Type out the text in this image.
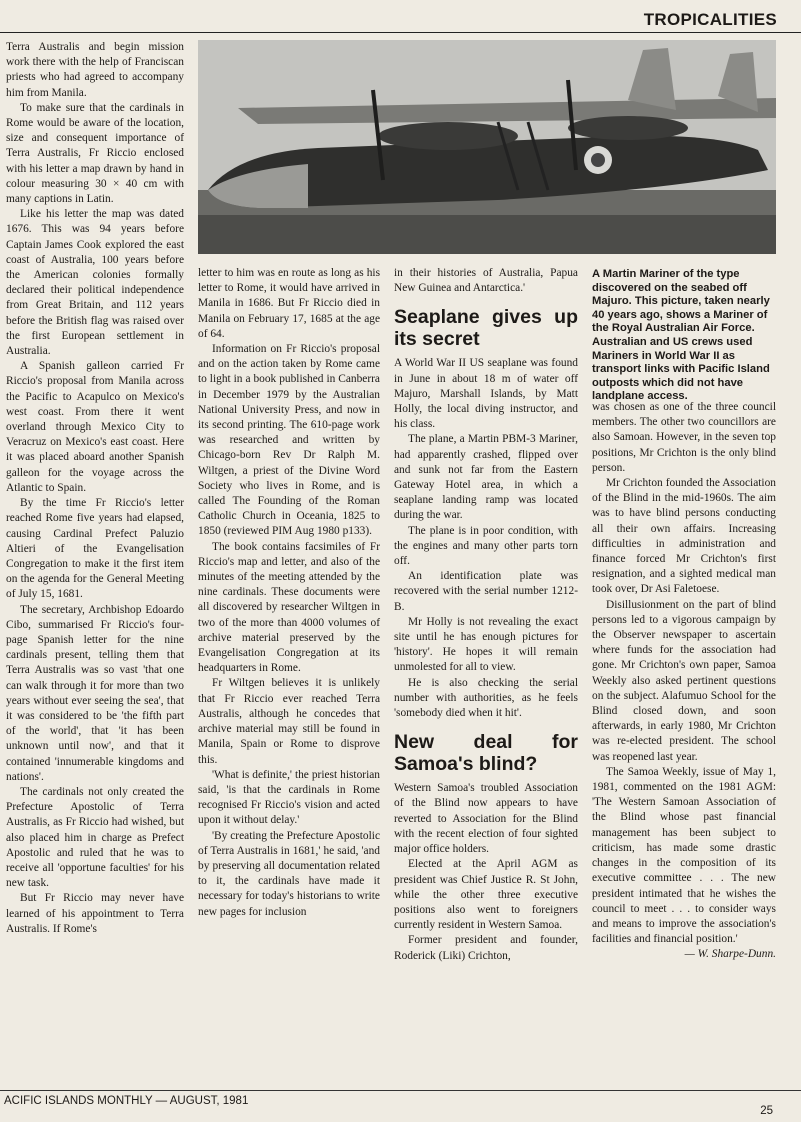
TROPICALITIES

Terra Australis and begin mission work there with the help of Franciscan priests who had agreed to accompany him from Manila.

To make sure that the cardinals in Rome would be aware of the location, size and consequent importance of Terra Australis, Fr Riccio enclosed with his letter a map drawn by hand in colour measuring 30 × 40 cm with many captions in Latin.

Like his letter the map was dated 1676. This was 94 years before Captain James Cook explored the east coast of Australia, 100 years before the American colonies formally declared their political independence from Great Britain, and 112 years before the British flag was raised over the first European settlement in Australia.

A Spanish galleon carried Fr Riccio's proposal from Manila across the Pacific to Acapulco on Mexico's west coast. From there it went overland through Mexico City to Veracruz on Mexico's east coast. Here it was placed aboard another Spanish galleon for the voyage across the Atlantic to Spain.

By the time Fr Riccio's letter reached Rome five years had elapsed, causing Cardinal Prefect Paluzio Altieri of the Evangelisation Congregation to make it the first item on the agenda for the General Meeting of July 15, 1681.

The secretary, Archbishop Edoardo Cibo, summarised Fr Riccio's four-page Spanish letter for the nine cardinals present, telling them that Terra Australis was so vast 'that one can walk through it for more than two years without ever seeing the sea', that it was considered to be 'the fifth part of the world', that 'it has been unknown until now', and that it contained 'innumerable kingdoms and nations'.

The cardinals not only created the Prefecture Apostolic of Terra Australis, as Fr Riccio had wished, but also placed him in charge as Prefect Apostolic and ruled that he was to receive all 'opportune faculties' for his new task.

But Fr Riccio may never have learned of his appointment to Terra Australis. If Rome's

letter to him was en route as long as his letter to Rome, it would have arrived in Manila in 1686. But Fr Riccio died in Manila on February 17, 1685 at the age of 64.

Information on Fr Riccio's proposal and on the action taken by Rome came to light in a book published in Canberra in December 1979 by the Australian National University Press, and now in its second printing. The 610-page work was researched and written by Chicago-born Rev Dr Ralph M. Wiltgen, a priest of the Divine Word Society who lives in Rome, and is called The Founding of the Roman Catholic Church in Oceania, 1825 to 1850 (reviewed PIM Aug 1980 p133).

The book contains facsimiles of Fr Riccio's map and letter, and also of the minutes of the meeting attended by the nine cardinals. These documents were all discovered by researcher Wiltgen in two of the more than 4000 volumes of archive material preserved by the Evangelisation Congregation at its headquarters in Rome.

Fr Wiltgen believes it is unlikely that Fr Riccio ever reached Terra Australis, although he concedes that archive material may still be found in Manila, Spain or Rome to disprove this.

'What is definite,' the priest historian said, 'is that the cardinals in Rome recognised Fr Riccio's vision and acted upon it without delay.'

'By creating the Prefecture Apostolic of Terra Australis in 1681,' he said, 'and by preserving all documentation related to it, the cardinals have made it necessary for today's historians to write new pages for inclusion

in their histories of Australia, Papua New Guinea and Antarctica.'

Seaplane gives up its secret

A World War II US seaplane was found in June in about 18 m of water off Majuro, Marshall Islands, by Matt Holly, the local diving instructor, and his class.

The plane, a Martin PBM-3 Mariner, had apparently crashed, flipped over and sunk not far from the Eastern Gateway Hotel area, in which a seaplane landing ramp was located during the war.

The plane is in poor condition, with the engines and many other parts torn off.

An identification plate was recovered with the serial number 1212-B.

Mr Holly is not revealing the exact site until he has enough pictures for 'history'. He hopes it will remain unmolested for all to view.

He is also checking the serial number with authorities, as he feels 'somebody died when it hit'.

New deal for Samoa's blind?

Western Samoa's troubled Association of the Blind now appears to have reverted to Association for the Blind with the recent election of four sighted major office holders.

Elected at the April AGM as president was Chief Justice R. St John, while the other three executive positions also went to foreigners currently resident in Western Samoa.

Former president and founder, Roderick (Liki) Crichton,

A Martin Mariner of the type discovered on the seabed off Majuro. This picture, taken nearly 40 years ago, shows a Mariner of the Royal Australian Air Force. Australian and US crews used Mariners in World War II as transport links with Pacific Island outposts which did not have landplane access.

was chosen as one of the three council members. The other two councillors are also Samoan. However, in the seven top positions, Mr Crichton is the only blind person.

Mr Crichton founded the Association of the Blind in the mid-1960s. The aim was to have blind persons conducting all their own affairs. Increasing difficulties in administration and finance forced Mr Crichton's first resignation, and a sighted medical man took over, Dr Asi Faletoese.

Disillusionment on the part of blind persons led to a vigorous campaign by the Observer newspaper to ascertain where funds for the association had gone. Mr Crichton's own paper, Samoa Weekly also asked pertinent questions on the subject. Alafumuo School for the Blind closed down, and soon afterwards, in early 1980, Mr Crichton was re-elected president. The school was reopened last year.

The Samoa Weekly, issue of May 1, 1981, commented on the 1981 AGM: 'The Western Samoan Association of the Blind whose past financial management has been subject to criticism, has made some drastic changes in the composition of its executive committee . . . The new president intimated that he wishes the council to meet . . . to consider ways and means to improve the association's facilities and financial position.'

— W. Sharpe-Dunn.

ACIFIC ISLANDS MONTHLY — AUGUST, 1981
25
